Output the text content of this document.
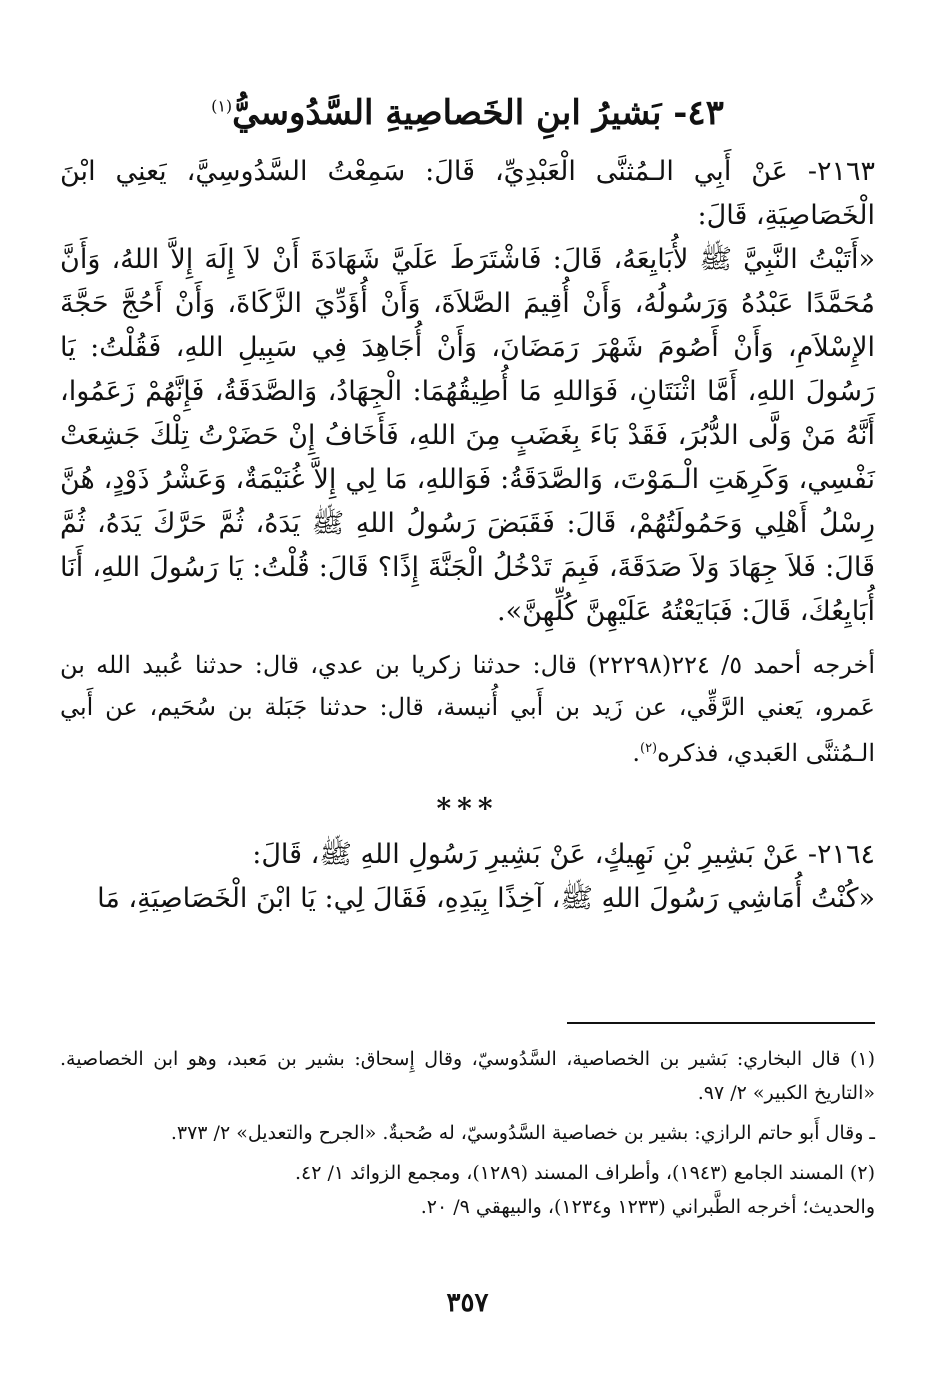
٤٣- بَشيرُ ابنِ الخَصاصِيةِ السَّدُوسيُّ$^{(١)}$

٢١٦٣- عَنْ أَبِي الـمُثنَّى الْعَبْدِيِّ، قَالَ: سَمِعْتُ السَّدُوسِيَّ، يَعنِي ابْنَ الْخَصَاصِيَةِ، قَالَ:

«أَتَيْتُ النَّبِيَّ ﷺ لأُبَايِعَهُ، قَالَ: فَاشْتَرَطَ عَلَيَّ شَهَادَةَ أَنْ لاَ إِلَهَ إِلاَّ اللهُ، وَأَنَّ مُحَمَّدًا عَبْدُهُ وَرَسُولُهُ، وَأَنْ أُقِيمَ الصَّلاَةَ، وَأَنْ أُؤَدِّيَ الزَّكَاةَ، وَأَنْ أَحُجَّ حَجَّةَ الإِسْلاَمِ، وَأَنْ أَصُومَ شَهْرَ رَمَضَانَ، وَأَنْ أُجَاهِدَ فِي سَبِيلِ اللهِ، فَقُلْتُ: يَا رَسُولَ اللهِ، أَمَّا اثْنَتَانِ، فَوَاللهِ مَا أُطِيقُهُمَا: الْجِهَادُ، وَالصَّدَقَةُ، فَإِنَّهُمْ زَعَمُوا، أَنَّهُ مَنْ وَلَّى الدُّبُرَ، فَقَدْ بَاءَ بِغَضَبٍ مِنَ اللهِ، فَأَخَافُ إِنْ حَضَرْتُ تِلْكَ جَشِعَتْ نَفْسِي، وَكَرِهَتِ الْـمَوْتَ، وَالصَّدَقَةُ: فَوَاللهِ، مَا لِي إِلاَّ غُنَيْمَةٌ، وَعَشْرُ ذَوْدٍ، هُنَّ رِسْلُ أَهْلِي وَحَمُولَتُهُمْ، قَالَ: فَقَبَضَ رَسُولُ اللهِ ﷺ يَدَهُ، ثُمَّ حَرَّكَ يَدَهُ، ثُمَّ قَالَ: فَلاَ جِهَادَ وَلاَ صَدَقَةَ، فَبِمَ تَدْخُلُ الْجَنَّةَ إِذًا؟ قَالَ: قُلْتُ: يَا رَسُولَ اللهِ، أَنَا أُبَايِعُكَ، قَالَ: فَبَايَعْتُهُ عَلَيْهِنَّ كُلِّهِنَّ».

أخرجه أحمد ٥/ ٢٢٤(٢٢٢٩٨) قال: حدثنا زكريا بن عدي، قال: حدثنا عُبيد الله بن عَمرو، يَعني الرَّقِّي، عن زَيد بن أَبي أُنيسة، قال: حدثنا جَبَلة بن سُحَيم، عن أَبي الـمُثنَّى العَبدي، فذكره$^{(٢)}$.

***

٢١٦٤- عَنْ بَشِيرِ بْنِ نَهِيكٍ، عَنْ بَشِيرِ رَسُولِ اللهِ ﷺ، قَالَ:

«كُنْتُ أُمَاشِي رَسُولَ اللهِ ﷺ، آخِذًا بِيَدِهِ، فَقَالَ لِي: يَا ابْنَ الْخَصَاصِيَةِ، مَا

(١) قال البخاري: بَشير بن الخصاصية، السَّدُوسيّ، وقال إِسحاق: بشير بن مَعبد، وهو ابن الخصاصية. «التاريخ الكبير» ٢/ ٩٧.

ـ وقال أَبو حاتم الرازي: بشير بن خصاصية السَّدُوسيّ، له صُحبةٌ. «الجرح والتعديل» ٢/ ٣٧٣.

(٢) المسند الجامع (١٩٤٣)، وأطراف المسند (١٢٨٩)، ومجمع الزوائد ١/ ٤٢.

والحديث؛ أخرجه الطَّبراني (١٢٣٣ و١٢٣٤)، والبيهقي ٩/ ٢٠.

٣٥٧
